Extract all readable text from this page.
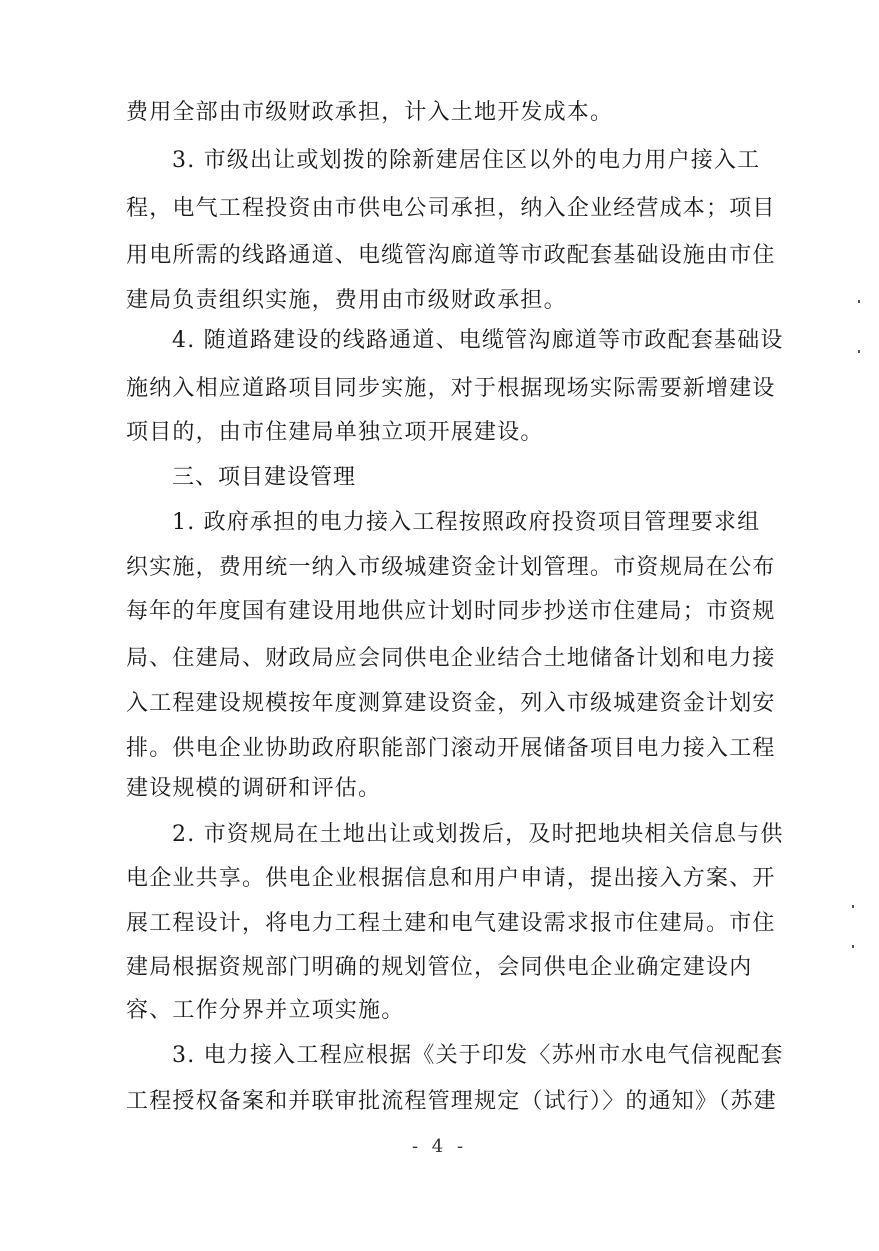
费用全部由市级财政承担，计入土地开发成本。
3. 市级出让或划拨的除新建居住区以外的电力用户接入工
程，电气工程投资由市供电公司承担，纳入企业经营成本；项目
用电所需的线路通道、电缆管沟廊道等市政配套基础设施由市住
建局负责组织实施，费用由市级财政承担。
4. 随道路建设的线路通道、电缆管沟廊道等市政配套基础设
施纳入相应道路项目同步实施，对于根据现场实际需要新增建设
项目的，由市住建局单独立项开展建设。
三、项目建设管理
1. 政府承担的电力接入工程按照政府投资项目管理要求组
织实施，费用统一纳入市级城建资金计划管理。市资规局在公布
每年的年度国有建设用地供应计划时同步抄送市住建局；市资规
局、住建局、财政局应会同供电企业结合土地储备计划和电力接
入工程建设规模按年度测算建设资金，列入市级城建资金计划安
排。供电企业协助政府职能部门滚动开展储备项目电力接入工程
建设规模的调研和评估。
2. 市资规局在土地出让或划拨后，及时把地块相关信息与供
电企业共享。供电企业根据信息和用户申请，提出接入方案、开
展工程设计，将电力工程土建和电气建设需求报市住建局。市住
建局根据资规部门明确的规划管位，会同供电企业确定建设内
容、工作分界并立项实施。
3. 电力接入工程应根据《关于印发〈苏州市水电气信视配套
工程授权备案和并联审批流程管理规定（试行）〉的通知》（苏建
- 4 -
